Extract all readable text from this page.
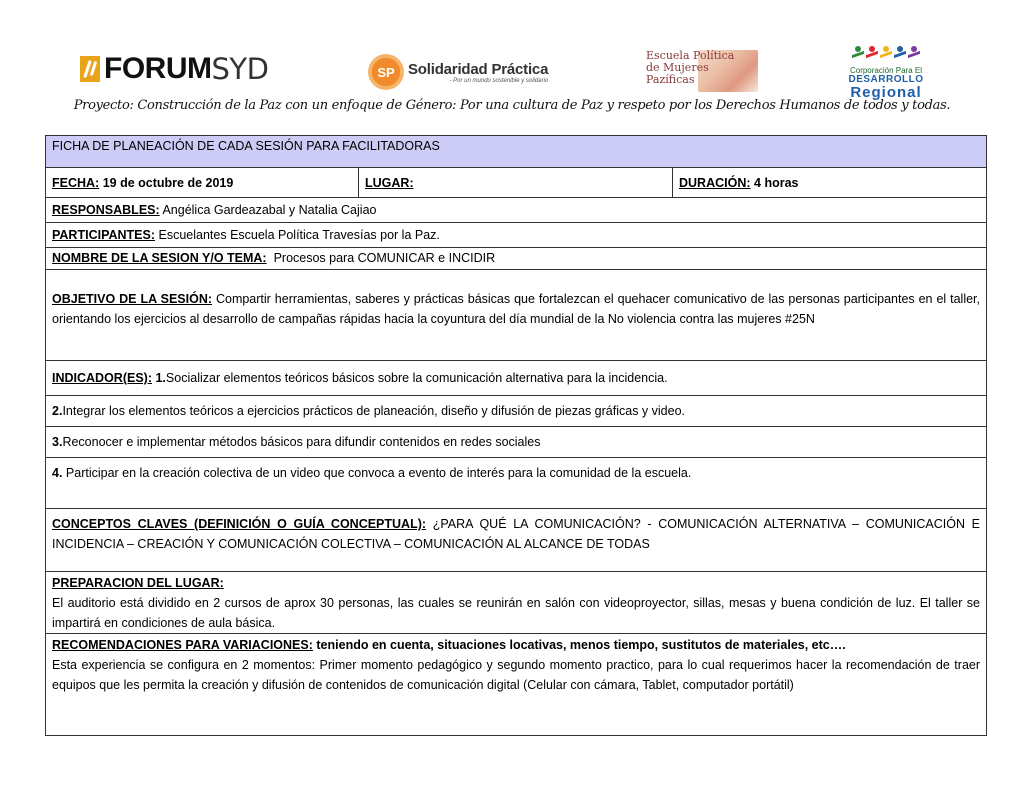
FORUM SYD	SP Solidaridad Práctica
- Por un mundo sostenible y solidario
Escuela Política
de Mujeres
Pazíficas
Corporación Para El
DESARROLLO
Regional
Proyecto: Construcción de la Paz con un enfoque de Género: Por una cultura de Paz y respeto por los Derechos Humanos de todos y todas.
FICHA DE PLANEACIÓN DE CADA SESIÓN PARA FACILITADORAS
FECHA: 19 de octubre de 2019	LUGAR:	DURACIÓN: 4 horas
RESPONSABLES: Angélica Gardeazabal y Natalia Cajiao
PARTICIPANTES: Escuelantes Escuela Política Travesías por la Paz.
NOMBRE DE LA SESION Y/O TEMA: Procesos para COMUNICAR e INCIDIR
OBJETIVO DE LA SESIÓN: Compartir herramientas, saberes y prácticas básicas que fortalezcan el quehacer comunicativo de las personas participantes en el taller, orientando los ejercicios al desarrollo de campañas rápidas hacia la coyuntura del día mundial de la No violencia contra las mujeres #25N
INDICADOR(ES): 1.Socializar elementos teóricos básicos sobre la comunicación alternativa para la incidencia.
2.Integrar los elementos teóricos a ejercicios prácticos de planeación, diseño y difusión de piezas gráficas y video.
3.Reconocer e implementar métodos básicos para difundir contenidos en redes sociales
4. Participar en la creación colectiva de un video que convoca a evento de interés para la comunidad de la escuela.
CONCEPTOS CLAVES (DEFINICIÓN O GUÍA CONCEPTUAL): ¿PARA QUÉ LA COMUNICACIÓN? - COMUNICACIÓN ALTERNATIVA – COMUNICACIÓN E INCIDENCIA – CREACIÓN Y COMUNICACIÓN COLECTIVA – COMUNICACIÓN AL ALCANCE DE TODAS

PREPARACION DEL LUGAR:
El auditorio está dividido en 2 cursos de aprox 30 personas, las cuales se reunirán en salón con videoproyector, sillas, mesas y buena condición de luz. El taller se impartirá en condiciones de aula básica.

RECOMENDACIONES PARA VARIACIONES: teniendo en cuenta, situaciones locativas, menos tiempo, sustitutos de materiales, etc….
Esta experiencia se configura en 2 momentos: Primer momento pedagógico y segundo momento practico, para lo cual requerimos hacer la recomendación de traer equipos que les permita la creación y difusión de contenidos de comunicación digital (Celular con cámara, Tablet, computador portátil)
